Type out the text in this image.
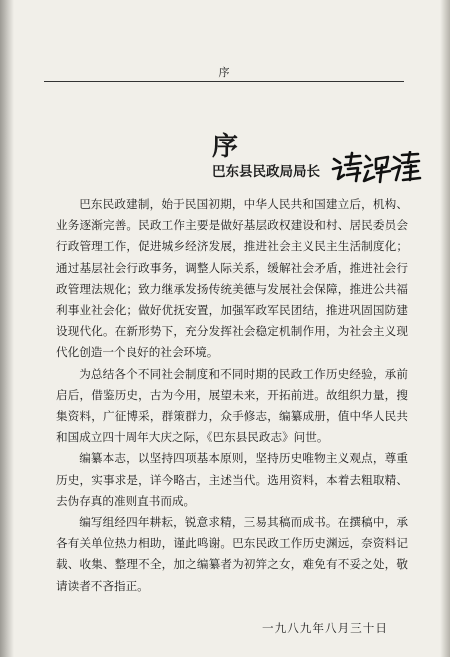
序
序
巴东县民政局局长

巴东民政建制，始于民国初期，中华人民共和国建立后，机构、业务逐渐完善。民政工作主要是做好基层政权建设和村、居民委员会行政管理工作，促进城乡经济发展，推进社会主义民主生活制度化；通过基层社会行政事务，调整人际关系，缓解社会矛盾，推进社会行政管理法规化；致力继承发扬传统美德与发展社会保障，推进公共福利事业社会化；做好优抚安置，加强军政军民团结，推进巩固国防建设现代化。在新形势下，充分发挥社会稳定机制作用，为社会主义现代化创造一个良好的社会环境。

为总结各个不同社会制度和不同时期的民政工作历史经验，承前启后，借鉴历史，古为今用，展望未来，开拓前进。故组织力量，搜集资料，广征博采，群策群力，众手修志，编纂成册，值中华人民共和国成立四十周年大庆之际，《巴东县民政志》问世。

编纂本志，以坚持四项基本原则，坚持历史唯物主义观点，尊重历史，实事求是，详今略古，主述当代。选用资料，本着去粗取精、去伪存真的准则直书而成。

编写组经四年耕耘，锐意求精，三易其稿而成书。在撰稿中，承各有关单位热力相助，谨此鸣谢。巴东民政工作历史渊远，奈资料记载、收集、整理不全，加之编纂者为初笄之女，难免有不妥之处，敬请读者不吝指正。

一九八九年八月三十日
